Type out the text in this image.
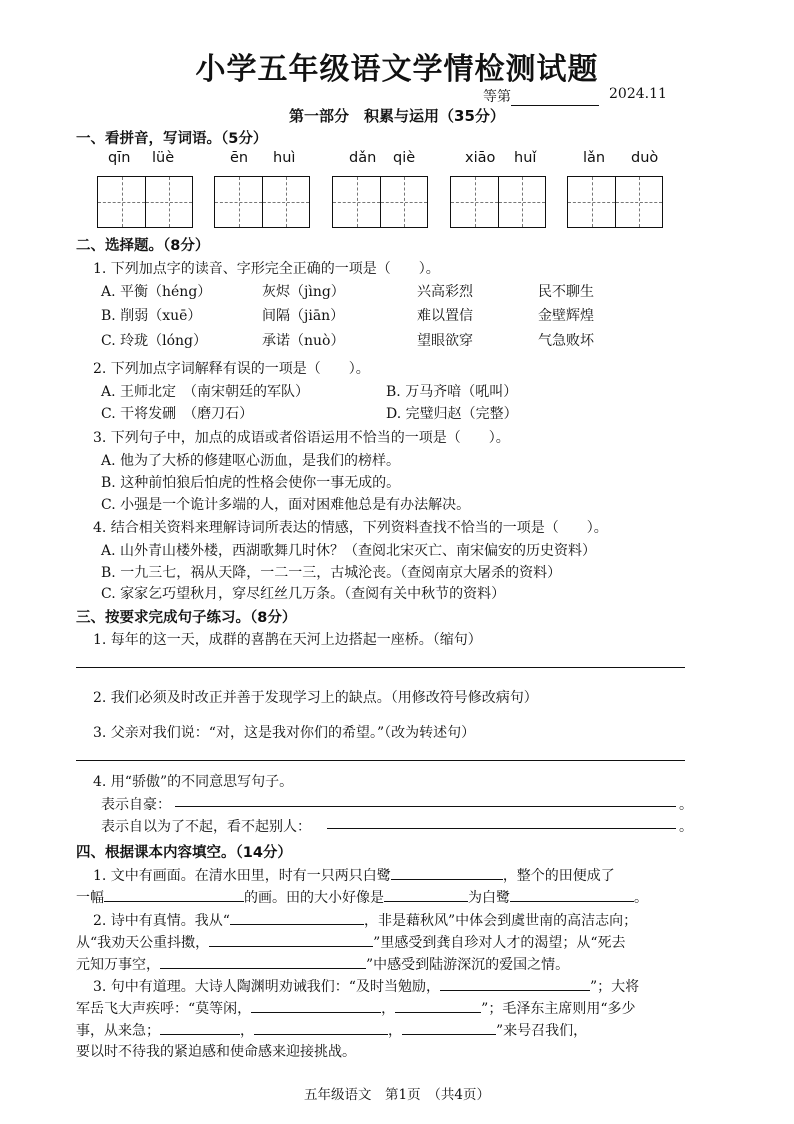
小学五年级语文学情检测试题
等第	2024.11
第一部分　积累与运用（35分）
一、看拼音，写词语。（5分）
qīn lüè	ēn huì	dǎn qiè	xiāo huǐ	lǎn duò
二、选择题。（8分）
1. 下列加点字的读音、字形完全正确的一项是（　　）。
A. 平衡（héng）	灰烬（jìng）	兴高彩烈	民不聊生
B. 削弱（xuē）	间隔（jiān）	难以置信	金壁辉煌
C. 玲珑（lóng）	承诺（nuò）	望眼欲穿	气急败坏
2. 下列加点字词解释有误的一项是（　　）。
A. 王师北定　（南宋朝廷的军队）	B. 万马齐喑（吼叫）
C. 干将发硎　（磨刀石）	D. 完璧归赵（完整）
3. 下列句子中，加点的成语或者俗语运用不恰当的一项是（　　）。
A. 他为了大桥的修建呕心沥血，是我们的榜样。
B. 这种前怕狼后怕虎的性格会使你一事无成的。
C. 小强是一个诡计多端的人，面对困难他总是有办法解决。
4. 结合相关资料来理解诗词所表达的情感，下列资料查找不恰当的一项是（　　）。
A. 山外青山楼外楼，西湖歌舞几时休？（查阅北宋灭亡、南宋偏安的历史资料）
B. 一九三七，祸从天降，一二一三，古城沦丧。（查阅南京大屠杀的资料）
C. 家家乞巧望秋月，穿尽红丝几万条。（查阅有关中秋节的资料）
三、按要求完成句子练习。（8分）
1. 每年的这一天，成群的喜鹊在天河上边搭起一座桥。（缩句）
2. 我们必须及时改正并善于发现学习上的缺点。（用修改符号修改病句）
3. 父亲对我们说：“对，这是我对你们的希望。”（改为转述句）
4. 用“骄傲”的不同意思写句子。
表示自豪：	。
表示自以为了不起，看不起别人：	。
四、根据课本内容填空。（14分）
1. 文中有画面。在清水田里，时有一只两只白鹭	，整个的田便成了
一幅	的画。田的大小好像是	为白鹭	。
2. 诗中有真情。我从“	，非是藉秋风”中体会到虞世南的高洁志向；
从“我劝天公重抖擞，	”里感受到龚自珍对人才的渴望；从“死去
元知万事空，	”中感受到陆游深沉的爱国之情。
3. 句中有道理。大诗人陶渊明劝诫我们：“及时当勉励，	”；大将
军岳飞大声疾呼：“莫等闲，	，	”；毛泽东主席则用“多少
事，从来急；	，	，	”来号召我们，
要以时不待我的紧迫感和使命感来迎接挑战。
五年级语文　第1页　（共4页）
